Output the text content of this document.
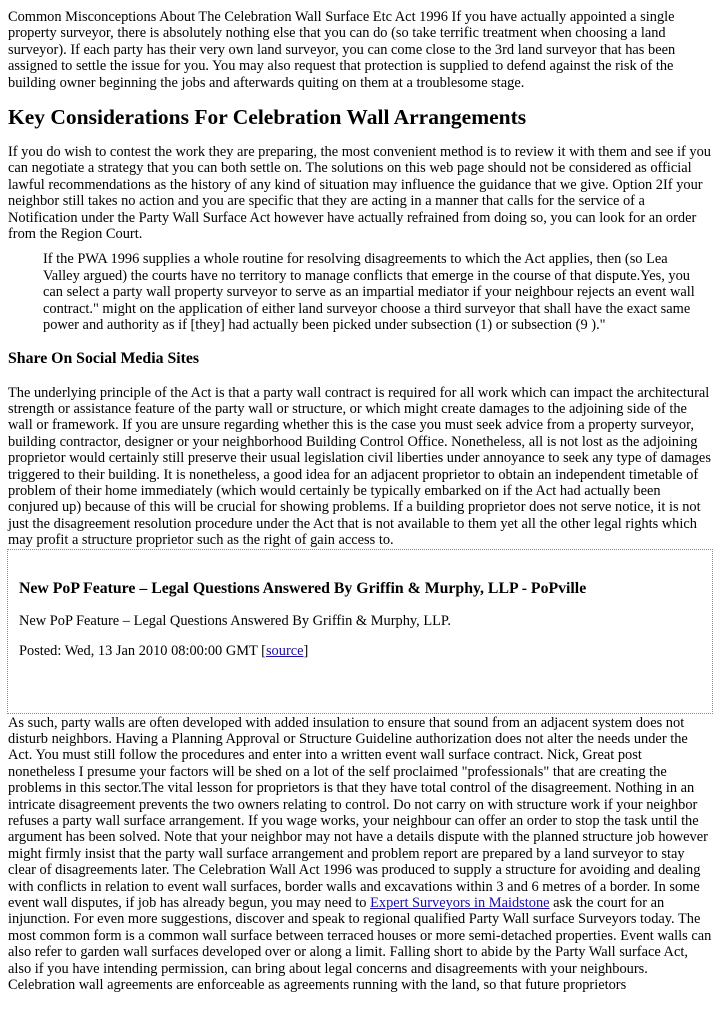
Common Misconceptions About The Celebration Wall Surface Etc Act 1996 If you have actually appointed a single property surveyor, there is absolutely nothing else that you can do (so take terrific treatment when choosing a land surveyor). If each party has their very own land surveyor, you can come close to the 3rd land surveyor that has been assigned to settle the issue for you. You may also request that protection is supplied to defend against the risk of the building owner beginning the jobs and afterwards quiting on them at a troublesome stage.

Key Considerations For Celebration Wall Arrangements

If you do wish to contest the work they are preparing, the most convenient method is to review it with them and see if you can negotiate a strategy that you can both settle on. The solutions on this web page should not be considered as official lawful recommendations as the history of any kind of situation may influence the guidance that we give. Option 2If your neighbor still takes no action and you are specific that they are acting in a manner that calls for the service of a Notification under the Party Wall Surface Act however have actually refrained from doing so, you can look for an order from the Region Court.

If the PWA 1996 supplies a whole routine for resolving disagreements to which the Act applies, then (so Lea Valley argued) the courts have no territory to manage conflicts that emerge in the course of that dispute.Yes, you can select a party wall property surveyor to serve as an impartial mediator if your neighbour rejects an event wall contract." might on the application of either land surveyor choose a third surveyor that shall have the exact same power and authority as if [they] had actually been picked under subsection (1) or subsection (9 )."
Share On Social Media Sites

The underlying principle of the Act is that a party wall contract is required for all work which can impact the architectural strength or assistance feature of the party wall or structure, or which might create damages to the adjoining side of the wall or framework. If you are unsure regarding whether this is the case you must seek advice from a property surveyor, building contractor, designer or your neighborhood Building Control Office. Nonetheless, all is not lost as the adjoining proprietor would certainly still preserve their usual legislation civil liberties under annoyance to seek any type of damages triggered to their building. It is nonetheless, a good idea for an adjacent proprietor to obtain an independent timetable of problem of their home immediately (which would certainly be typically embarked on if the Act had actually been conjured up) because of this will be crucial for showing problems. If a building proprietor does not serve notice, it is not just the disagreement resolution procedure under the Act that is not available to them yet all the other legal rights which may profit a structure proprietor such as the right of gain access to.

New PoP Feature – Legal Questions Answered By Griffin & Murphy, LLP - PoPville

New PoP Feature – Legal Questions Answered By Griffin & Murphy, LLP.

Posted: Wed, 13 Jan 2010 08:00:00 GMT [source]

As such, party walls are often developed with added insulation to ensure that sound from an adjacent system does not disturb neighbors. Having a Planning Approval or Structure Guideline authorization does not alter the needs under the Act. You must still follow the procedures and enter into a written event wall surface contract. Nick, Great post nonetheless I presume your factors will be shed on a lot of the self proclaimed "professionals" that are creating the problems in this sector.The vital lesson for proprietors is that they have total control of the disagreement. Nothing in an intricate disagreement prevents the two owners relating to control. Do not carry on with structure work if your neighbor refuses a party wall surface arrangement. If you wage works, your neighbour can offer an order to stop the task until the argument has been solved. Note that your neighbor may not have a details dispute with the planned structure job however might firmly insist that the party wall surface arrangement and problem report are prepared by a land surveyor to stay clear of disagreements later. The Celebration Wall Act 1996 was produced to supply a structure for avoiding and dealing with conflicts in relation to event wall surfaces, border walls and excavations within 3 and 6 metres of a border. In some event wall disputes, if job has already begun, you may need to Expert Surveyors in Maidstone ask the court for an injunction. For even more suggestions, discover and speak to regional qualified Party Wall surface Surveyors today. The most common form is a common wall surface between terraced houses or more semi-detached properties. Event walls can also refer to garden wall surfaces developed over or along a limit. Falling short to abide by the Party Wall surface Act, also if you have intending permission, can bring about legal concerns and disagreements with your neighbours. Celebration wall agreements are enforceable as agreements running with the land, so that future proprietors
